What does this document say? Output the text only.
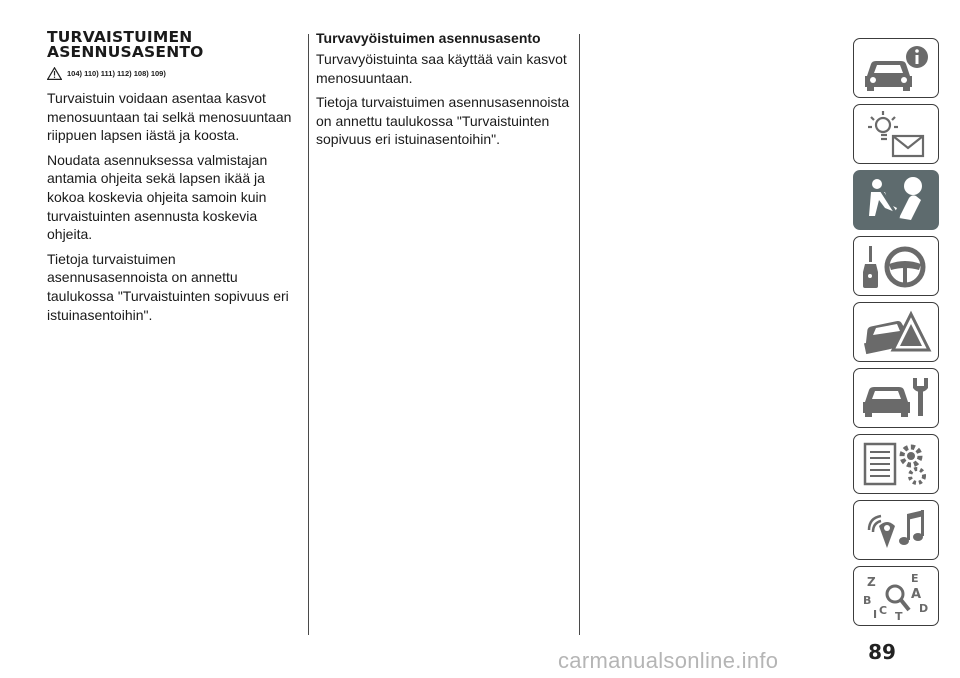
TURVAISTUIMEN
ASENNUSASENTO
104) 110) 111) 112) 108) 109)

Turvaistuin voidaan asentaa kasvot menosuuntaan tai selkä menosuuntaan riippuen lapsen iästä ja koosta.

Noudata asennuksessa valmistajan antamia ohjeita sekä lapsen ikää ja kokoa koskevia ohjeita samoin kuin turvaistuinten asennusta koskevia ohjeita.

Tietoja turvaistuimen asennusasennoista on annettu taulukossa "Turvaistuinten sopivuus eri istuinasentoihin".

Turvavyöistuimen asennusasento

Turvavyöistuinta saa käyttää vain kasvot menosuuntaan.

Tietoja turvaistuimen asennusasennoista on annettu taulukossa "Turvaistuinten sopivuus eri istuinasentoihin".

Z	E
A
B
C	D
I T
89
carmanualsonline.info
